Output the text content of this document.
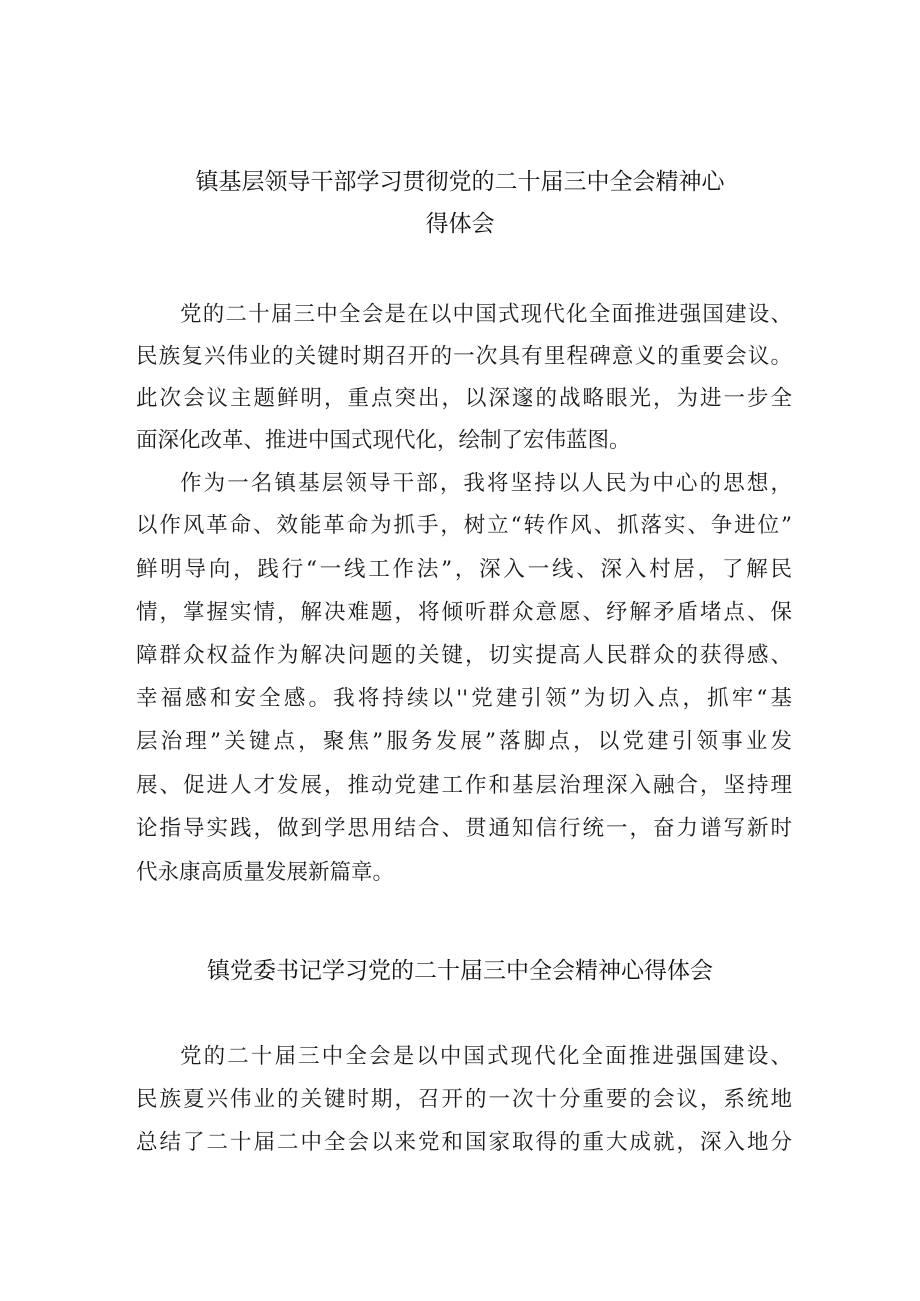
镇基层领导干部学习贯彻党的二十届三中全会精神心
得体会
党的二十届三中全会是在以中国式现代化全面推进强国建设、
民族复兴伟业的关键时期召开的一次具有里程碑意义的重要会议。
此次会议主题鲜明，重点突出，以深邃的战略眼光，为进一步全
面深化改革、推进中国式现代化，绘制了宏伟蓝图。
作为一名镇基层领导干部，我将坚持以人民为中心的思想，
以作风革命、效能革命为抓手，树立“转作风、抓落实、争进位”
鲜明导向，践行“一线工作法”，深入一线、深入村居，了解民
情，掌握实情，解决难题，将倾听群众意愿、纾解矛盾堵点、保
障群众权益作为解决问题的关键，切实提高人民群众的获得感、
幸福感和安全感。我将持续以''党建引领”为切入点，抓牢“基
层治理”关键点，聚焦”服务发展”落脚点，以党建引领事业发
展、促进人才发展，推动党建工作和基层治理深入融合，坚持理
论指导实践，做到学思用结合、贯通知信行统一，奋力谱写新时
代永康高质量发展新篇章。
镇党委书记学习党的二十届三中全会精神心得体会
党的二十届三中全会是以中国式现代化全面推进强国建设、
民族夏兴伟业的关键时期，召开的一次十分重要的会议，系统地
总结了二十届二中全会以来党和国家取得的重大成就，深入地分
